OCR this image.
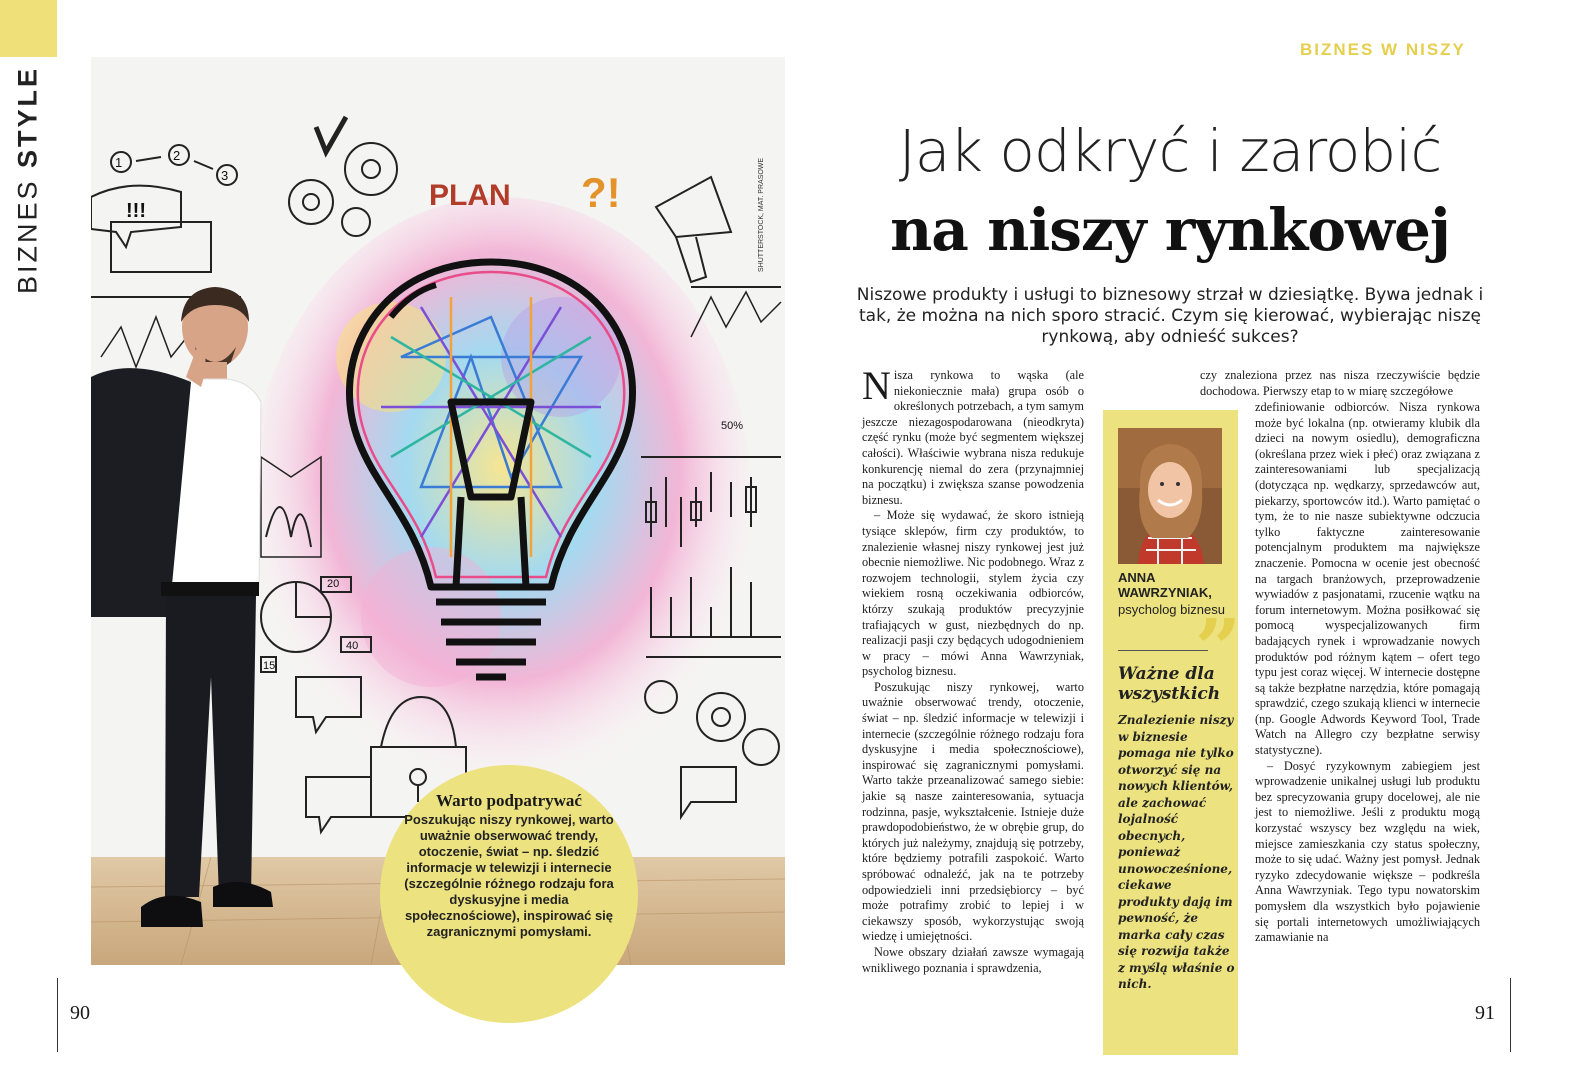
BIZNES STYLE
PLAN ?!
!!!
1	2
3
20
40
15
50%
SHUTTERSTOCK, MAT. PRASOWE
Warto podpatrywać
Poszukując niszy rynkowej, warto uważnie obserwować trendy, otoczenie, świat – np. śledzić informacje w telewizji i internecie (szczególnie różnego rodzaju fora dyskusyjne i media społecznościowe), inspirować się zagranicznymi pomysłami.
90
BIZNES W NISZY
Jak odkryć i zarobić
na niszy rynkowej
Niszowe produkty i usługi to biznesowy strzał w dziesiątkę. Bywa jednak i tak, że można na nich sporo stracić. Czym się kierować, wybierając niszę rynkową, aby odnieść sukces?

Nisza rynkowa to wąska (ale niekoniecznie mała) grupa osób o określonych potrzebach, a tym samym jeszcze niezagospodarowana (nieodkryta) część rynku (może być segmentem większej całości). Właściwie wybrana nisza redukuje konkurencję niemal do zera (przynajmniej na początku) i zwiększa szanse powodzenia biznesu.

– Może się wydawać, że skoro istnieją tysiące sklepów, firm czy produktów, to znalezienie własnej niszy rynkowej jest już obecnie niemożliwe. Nic podobnego. Wraz z rozwojem technologii, stylem życia czy wiekiem rosną oczekiwania odbiorców, którzy szukają produktów precyzyjnie trafiających w gust, niezbędnych do np. realizacji pasji czy będących udogodnieniem w pracy – mówi Anna Wawrzyniak, psycholog biznesu.

Poszukując niszy rynkowej, warto uważnie obserwować trendy, otoczenie, świat – np. śledzić informacje w telewizji i internecie (szczególnie różnego rodzaju fora dyskusyjne i media społecznościowe), inspirować się zagranicznymi pomysłami. Warto także przeanalizować samego siebie: jakie są nasze zainteresowania, sytuacja rodzinna, pasje, wykształcenie. Istnieje duże prawdopodobieństwo, że w obrębie grup, do których już należymy, znajdują się potrzeby, które będziemy potrafili zaspokoić. Warto spróbować odnaleźć, jak na te potrzeby odpowiedzieli inni przedsiębiorcy – być może potrafimy zrobić to lepiej i w ciekawszy sposób, wykorzystując swoją wiedzę i umiejętności.

Nowe obszary działań zawsze wymagają wnikliwego poznania i sprawdzenia,

czy znaleziona przez nas nisza rzeczywiście będzie dochodowa. Pierwszy etap to w miarę szczegółowe

ANNA WAWRZYNIAK,
psycholog biznesu
”
Ważne dla wszystkich
Znalezienie niszy w biznesie pomaga nie tylko otworzyć się na nowych klientów, ale zachować lojalność obecnych, ponieważ unowocześnione, ciekawe produkty dają im pewność, że marka cały czas się rozwija także z myślą właśnie o nich.

zdefiniowanie odbiorców. Nisza rynkowa może być lokalna (np. otwieramy klubik dla dzieci na nowym osiedlu), demograficzna (określana przez wiek i płeć) oraz związana z zainteresowaniami lub specjalizacją (dotycząca np. wędkarzy, sprzedawców aut, piekarzy, sportowców itd.). Warto pamiętać o tym, że to nie nasze subiektywne odczucia tylko faktyczne zainteresowanie potencjalnym produktem ma największe znaczenie. Pomocna w ocenie jest obecność na targach branżowych, przeprowadzenie wywiadów z pasjonatami, rzucenie wątku na forum internetowym. Można posiłkować się pomocą wyspecjalizowanych firm badających rynek i wprowadzanie nowych produktów pod różnym kątem – ofert tego typu jest coraz więcej. W internecie dostępne są także bezpłatne narzędzia, które pomagają sprawdzić, czego szukają klienci w internecie (np. Google Adwords Keyword Tool, Trade Watch na Allegro czy bezpłatne serwisy statystyczne).

– Dosyć ryzykownym zabiegiem jest wprowadzenie unikalnej usługi lub produktu bez sprecyzowania grupy docelowej, ale nie jest to niemożliwe. Jeśli z produktu mogą korzystać wszyscy bez względu na wiek, miejsce zamieszkania czy status społeczny, może to się udać. Ważny jest pomysł. Jednak ryzyko zdecydowanie większe – podkreśla Anna Wawrzyniak. Tego typu nowatorskim pomysłem dla wszystkich było pojawienie się portali internetowych umożliwiających zamawianie na

91
